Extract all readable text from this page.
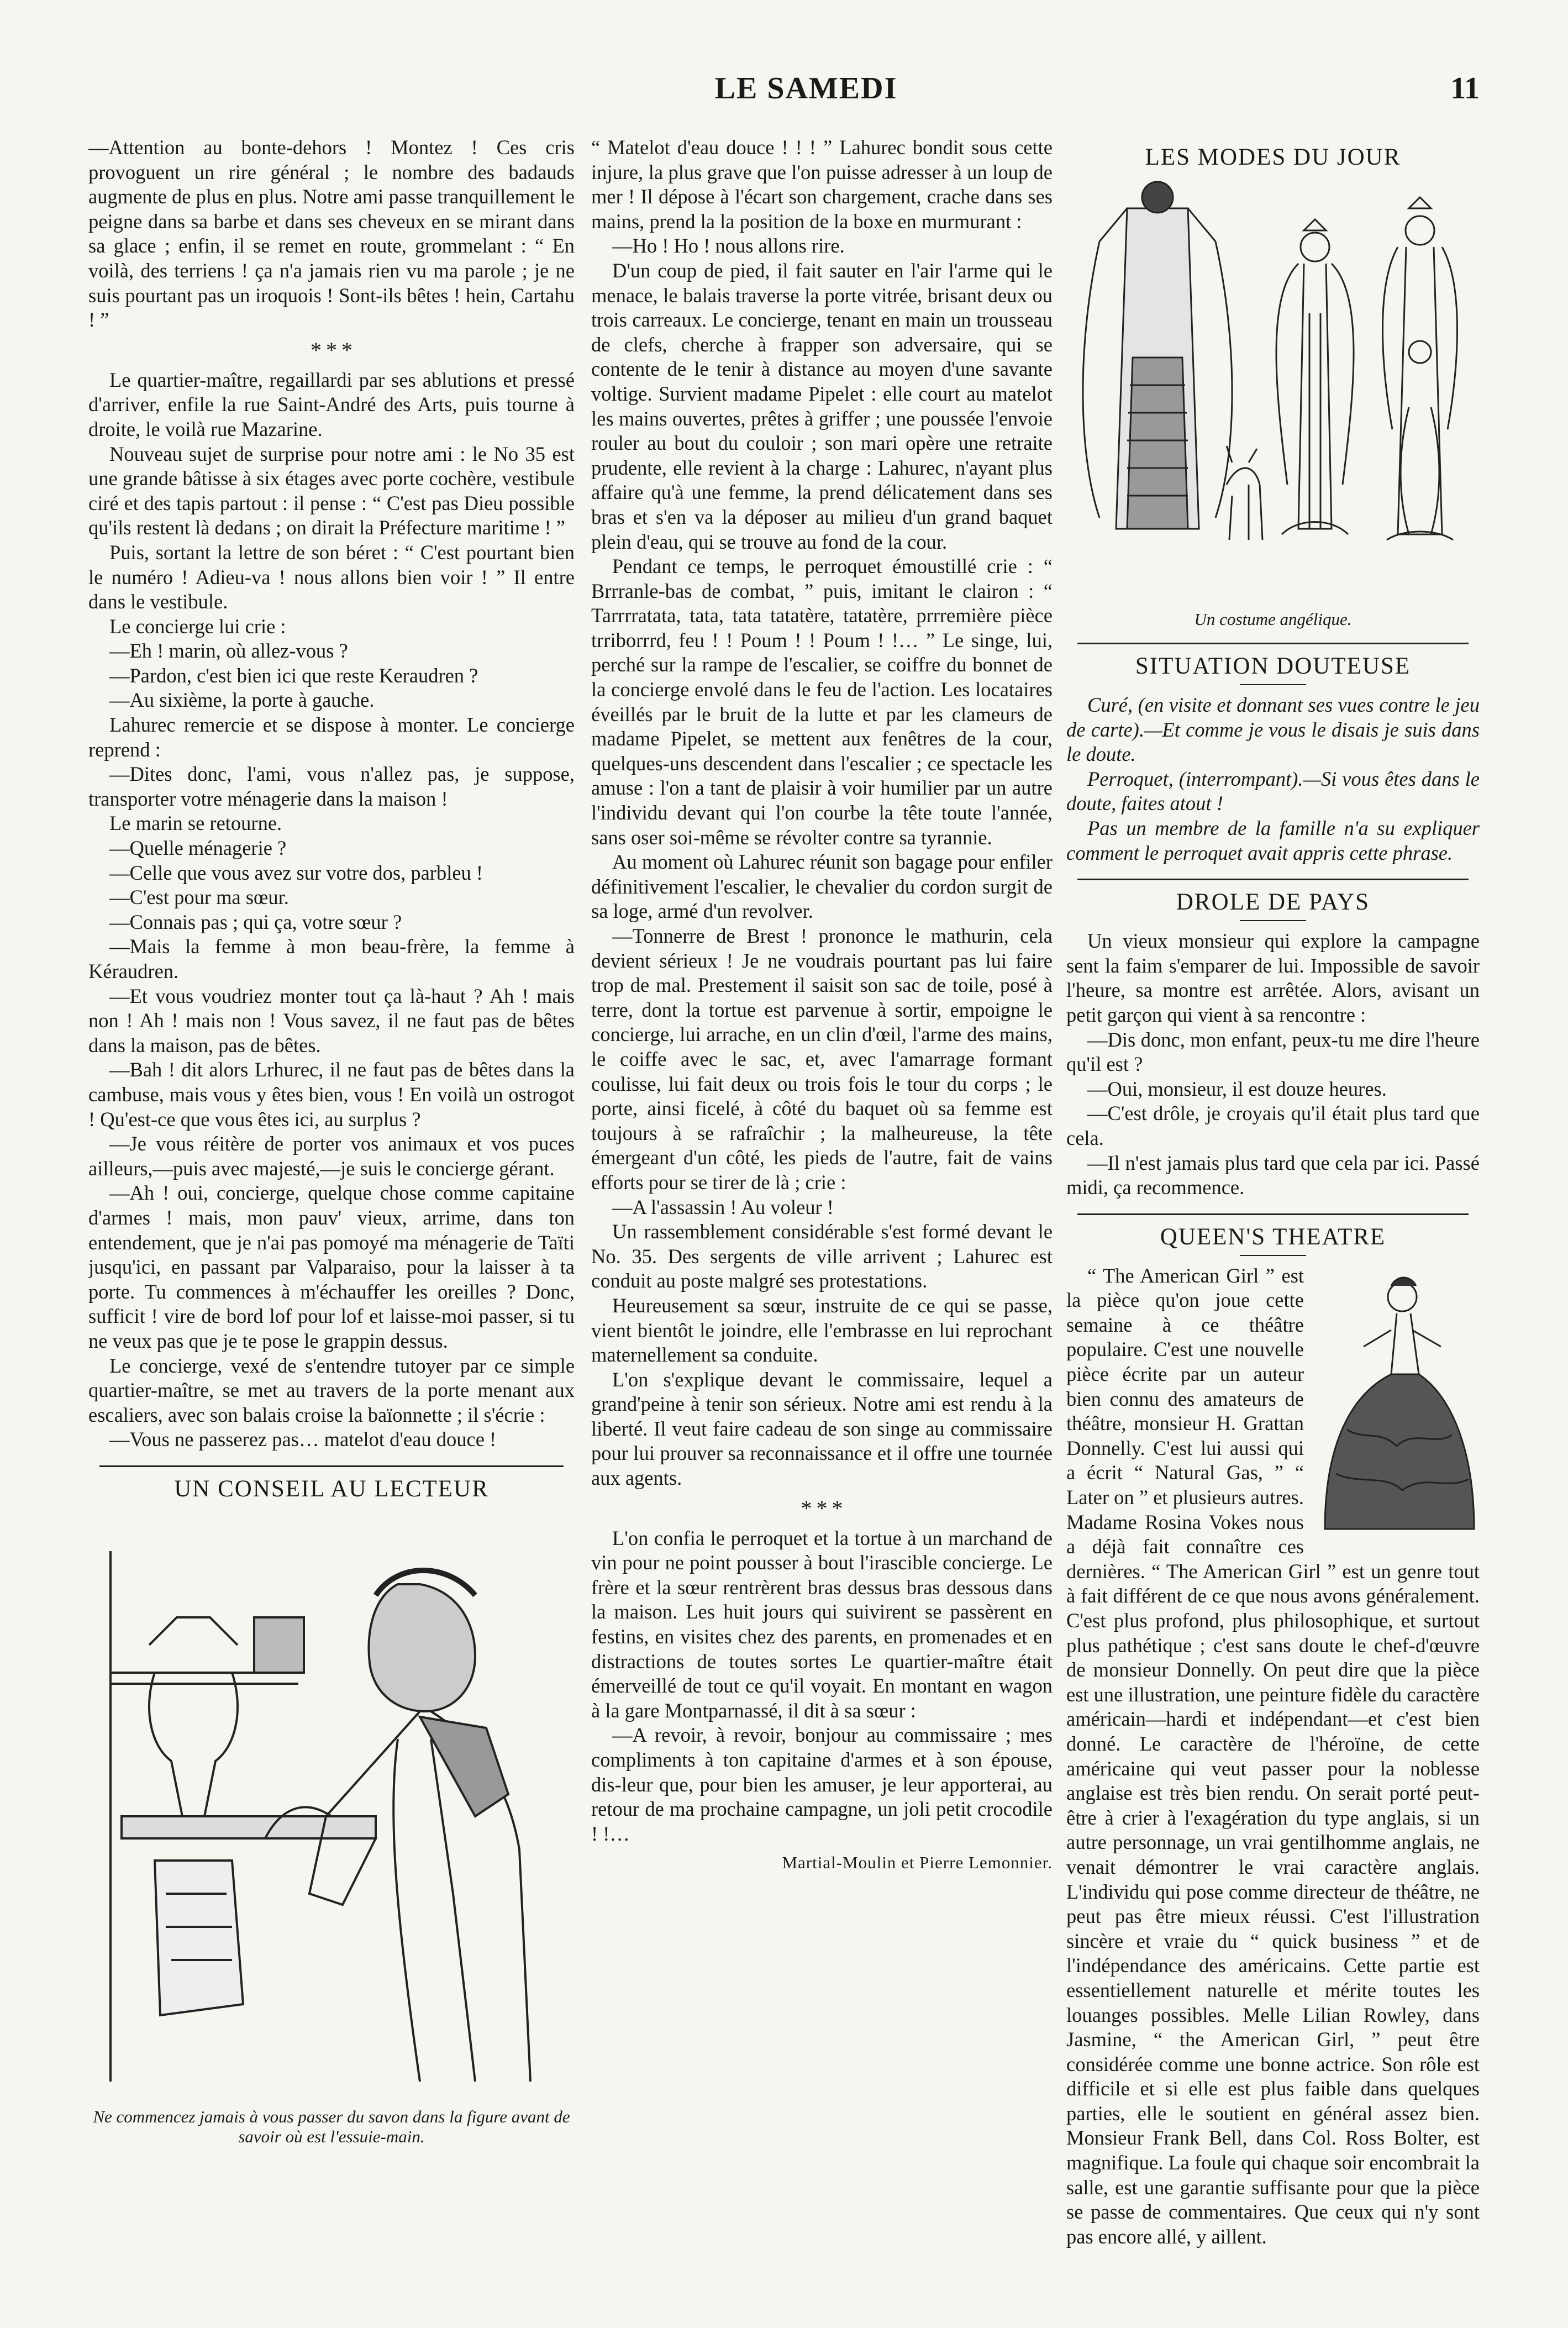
LE SAMEDI	11

—Attention au bonte-dehors ! Montez ! Ces cris provoguent un rire général ; le nombre des badauds augmente de plus en plus. Notre ami passe tranquillement le peigne dans sa barbe et dans ses cheveux en se mirant dans sa glace ; enfin, il se remet en route, grommelant : “ En voilà, des terriens ! ça n'a jamais rien vu ma parole ; je ne suis pourtant pas un iroquois ! Sont-ils bêtes ! hein, Cartahu ! ”

* * *

Le quartier-maître, regaillardi par ses ablutions et pressé d'arriver, enfile la rue Saint-André des Arts, puis tourne à droite, le voilà rue Mazarine.

Nouveau sujet de surprise pour notre ami : le No 35 est une grande bâtisse à six étages avec porte cochère, vestibule ciré et des tapis partout : il pense : “ C'est pas Dieu possible qu'ils restent là dedans ; on dirait la Préfecture maritime ! ”

Puis, sortant la lettre de son béret : “ C'est pourtant bien le numéro ! Adieu-va ! nous allons bien voir ! ” Il entre dans le vestibule.

Le concierge lui crie :

—Eh ! marin, où allez-vous ?

—Pardon, c'est bien ici que reste Keraudren ?

—Au sixième, la porte à gauche.

Lahurec remercie et se dispose à monter. Le concierge reprend :

—Dites donc, l'ami, vous n'allez pas, je suppose, transporter votre ménagerie dans la maison !

Le marin se retourne.

—Quelle ménagerie ?

—Celle que vous avez sur votre dos, parbleu !

—C'est pour ma sœur.

—Connais pas ; qui ça, votre sœur ?

—Mais la femme à mon beau-frère, la femme à Kéraudren.

—Et vous voudriez monter tout ça là-haut ? Ah ! mais non ! Ah ! mais non ! Vous savez, il ne faut pas de bêtes dans la maison, pas de bêtes.

—Bah ! dit alors Lrhurec, il ne faut pas de bêtes dans la cambuse, mais vous y êtes bien, vous ! En voilà un ostrogot ! Qu'est-ce que vous êtes ici, au surplus ?

—Je vous réitère de porter vos animaux et vos puces ailleurs,—puis avec majesté,—je suis le concierge gérant.

—Ah ! oui, concierge, quelque chose comme capitaine d'armes ! mais, mon pauv' vieux, arrime, dans ton entendement, que je n'ai pas pomoyé ma ménagerie de Taïti jusqu'ici, en passant par Valparaiso, pour la laisser à ta porte. Tu commences à m'échauffer les oreilles ? Donc, sufficit ! vire de bord lof pour lof et laisse-moi passer, si tu ne veux pas que je te pose le grappin dessus.

Le concierge, vexé de s'entendre tutoyer par ce simple quartier-maître, se met au travers de la porte menant aux escaliers, avec son balais croise la baïonnette ; il s'écrie :

—Vous ne passerez pas… matelot d'eau douce !

UN CONSEIL AU LECTEUR
Ne commencez jamais à vous passer du savon dans la figure avant de savoir où est l'essuie-main.

“ Matelot d'eau douce ! ! ! ” Lahurec bondit sous cette injure, la plus grave que l'on puisse adresser à un loup de mer ! Il dépose à l'écart son chargement, crache dans ses mains, prend la la position de la boxe en murmurant :

—Ho ! Ho ! nous allons rire.

D'un coup de pied, il fait sauter en l'air l'arme qui le menace, le balais traverse la porte vitrée, brisant deux ou trois carreaux. Le concierge, tenant en main un trousseau de clefs, cherche à frapper son adversaire, qui se contente de le tenir à distance au moyen d'une savante voltige. Survient madame Pipelet : elle court au matelot les mains ouvertes, prêtes à griffer ; une poussée l'envoie rouler au bout du couloir ; son mari opère une retraite prudente, elle revient à la charge : Lahurec, n'ayant plus affaire qu'à une femme, la prend délicatement dans ses bras et s'en va la déposer au milieu d'un grand baquet plein d'eau, qui se trouve au fond de la cour.

Pendant ce temps, le perroquet émoustillé crie : “ Brrranle-bas de combat, ” puis, imitant le clairon : “ Tarrrratata, tata, tata tatatère, tatatère, prrremière pièce trriborrrd, feu ! ! Poum ! ! Poum ! !… ” Le singe, lui, perché sur la rampe de l'escalier, se coiffre du bonnet de la concierge envolé dans le feu de l'action. Les locataires éveillés par le bruit de la lutte et par les clameurs de madame Pipelet, se mettent aux fenêtres de la cour, quelques-uns descendent dans l'escalier ; ce spectacle les amuse : l'on a tant de plaisir à voir humilier par un autre l'individu devant qui l'on courbe la tête toute l'année, sans oser soi-même se révolter contre sa tyrannie.

Au moment où Lahurec réunit son bagage pour enfiler définitivement l'escalier, le chevalier du cordon surgit de sa loge, armé d'un revolver.

—Tonnerre de Brest ! prononce le mathurin, cela devient sérieux ! Je ne voudrais pourtant pas lui faire trop de mal. Prestement il saisit son sac de toile, posé à terre, dont la tortue est parvenue à sortir, empoigne le concierge, lui arrache, en un clin d'œil, l'arme des mains, le coiffe avec le sac, et, avec l'amarrage formant coulisse, lui fait deux ou trois fois le tour du corps ; le porte, ainsi ficelé, à côté du baquet où sa femme est toujours à se rafraîchir ; la malheureuse, la tête émergeant d'un côté, les pieds de l'autre, fait de vains efforts pour se tirer de là ; crie :

—A l'assassin ! Au voleur !

Un rassemblement considérable s'est formé devant le No. 35. Des sergents de ville arrivent ; Lahurec est conduit au poste malgré ses protestations.

Heureusement sa sœur, instruite de ce qui se passe, vient bientôt le joindre, elle l'embrasse en lui reprochant maternellement sa conduite.

L'on s'explique devant le commissaire, lequel a grand'peine à tenir son sérieux. Notre ami est rendu à la liberté. Il veut faire cadeau de son singe au commissaire pour lui prouver sa reconnaissance et il offre une tournée aux agents.

* * *

L'on confia le perroquet et la tortue à un marchand de vin pour ne point pousser à bout l'irascible concierge. Le frère et la sœur rentrèrent bras dessus bras dessous dans la maison. Les huit jours qui suivirent se passèrent en festins, en visites chez des parents, en promenades et en distractions de toutes sortes Le quartier-maître était émerveillé de tout ce qu'il voyait. En montant en wagon à la gare Montparnassé, il dit à sa sœur :

—A revoir, à revoir, bonjour au commissaire ; mes compliments à ton capitaine d'armes et à son épouse, dis-leur que, pour bien les amuser, je leur apporterai, au retour de ma prochaine campagne, un joli petit crocodile ! !…

Martial-Moulin et Pierre Lemonnier.
LES MODES DU JOUR
Un costume angélique.
SITUATION DOUTEUSE

Curé, (en visite et donnant ses vues contre le jeu de carte).—Et comme je vous le disais je suis dans le doute.

Perroquet, (interrompant).—Si vous êtes dans le doute, faites atout !

Pas un membre de la famille n'a su expliquer comment le perroquet avait appris cette phrase.

DROLE DE PAYS

Un vieux monsieur qui explore la campagne sent la faim s'emparer de lui. Impossible de savoir l'heure, sa montre est arrêtée. Alors, avisant un petit garçon qui vient à sa rencontre :

—Dis donc, mon enfant, peux-tu me dire l'heure qu'il est ?

—Oui, monsieur, il est douze heures.

—C'est drôle, je croyais qu'il était plus tard que cela.

—Il n'est jamais plus tard que cela par ici. Passé midi, ça recommence.

QUEEN'S THEATRE

“ The American Girl ” est la pièce qu'on joue cette semaine à ce théâtre populaire. C'est une nouvelle pièce écrite par un auteur bien connu des amateurs de théâtre, monsieur H. Grattan Donnelly. C'est lui aussi qui a écrit “ Natural Gas, ” “ Later on ” et plusieurs autres. Madame Rosina Vokes nous a déjà fait connaître ces dernières. “ The American Girl ” est un genre tout à fait différent de ce que nous avons généralement. C'est plus profond, plus philosophique, et surtout plus pathétique ; c'est sans doute le chef-d'œuvre de monsieur Donnelly. On peut dire que la pièce est une illustration, une peinture fidèle du caractère américain—hardi et indépendant—et c'est bien donné. Le caractère de l'héroïne, de cette américaine qui veut passer pour la noblesse anglaise est très bien rendu. On serait porté peut-être à crier à l'exagération du type anglais, si un autre personnage, un vrai gentilhomme anglais, ne venait démontrer le vrai caractère anglais. L'individu qui pose comme directeur de théâtre, ne peut pas être mieux réussi. C'est l'illustration sincère et vraie du “ quick business ” et de l'indépendance des américains. Cette partie est essentiellement naturelle et mérite toutes les louanges possibles. Melle Lilian Rowley, dans Jasmine, “ the American Girl, ” peut être considérée comme une bonne actrice. Son rôle est difficile et si elle est plus faible dans quelques parties, elle le soutient en général assez bien. Monsieur Frank Bell, dans Col. Ross Bolter, est magnifique. La foule qui chaque soir encombrait la salle, est une garantie suffisante pour que la pièce se passe de commentaires. Que ceux qui n'y sont pas encore allé, y aillent.
